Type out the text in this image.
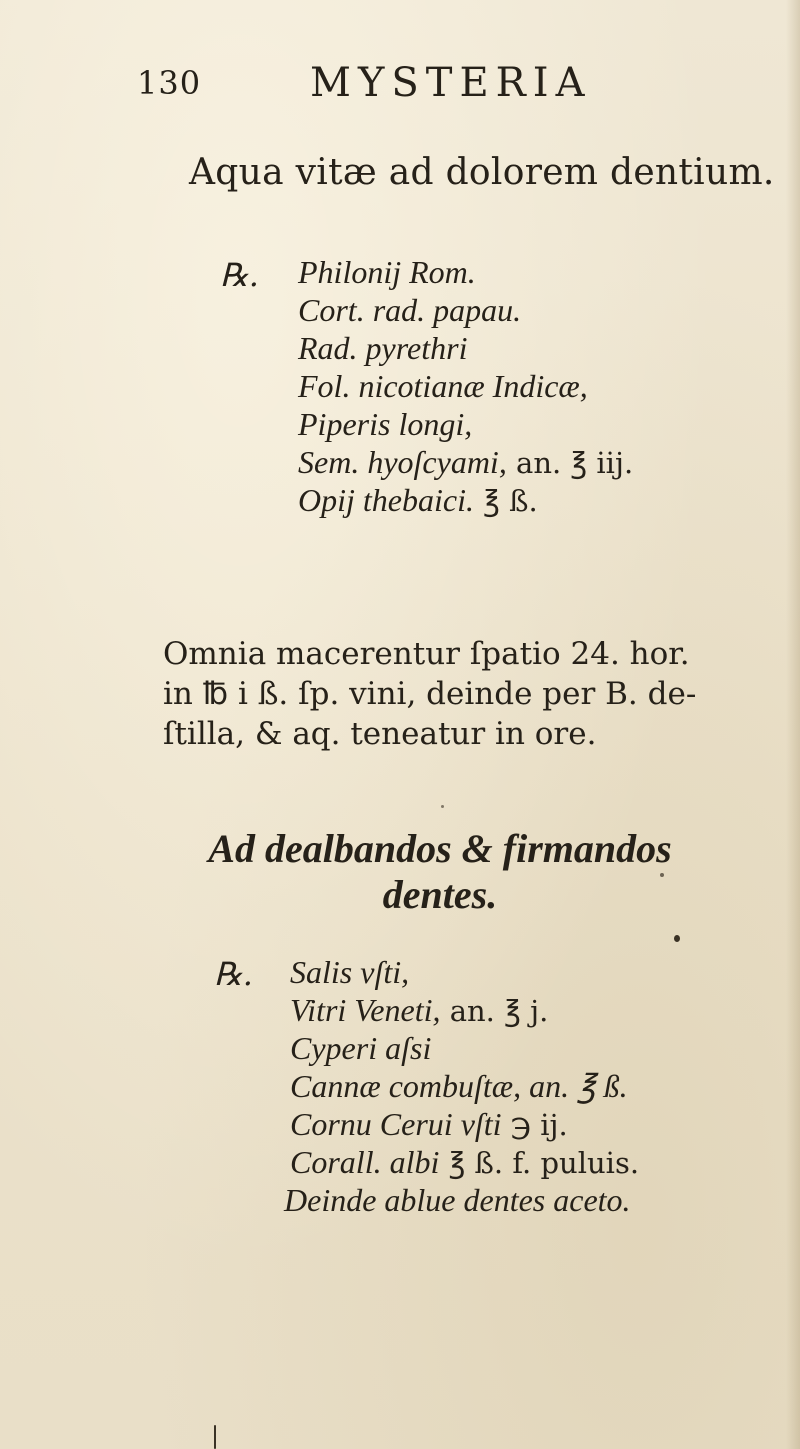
130	MYSTERIA
Aqua vitæ ad dolorem dentium.
℞. Philonij Rom.
Cort. rad. papau.
Rad. pyrethri
Fol. nicotianæ Indicæ,
Piperis longi,
Sem. hyoſcyami, an. ℥ iij.
Opij thebaici. ℥ ß.

Omnia macerentur ſpatio 24. hor.
in ℔ i ß. ſp. vini, deinde per B. de-
ſtilla, & aq. teneatur in ore.

Ad dealbandos & firmandos
dentes.
℞. Salis vſti,
Vitri Veneti, an. ℥ j.
Cyperi aſsi
Cannæ combuſtæ, an. ℥ ß.
Cornu Cerui vſti ℈ ij.
Corall. albi ℥ ß. f. puluis.
Deinde ablue dentes aceto.
